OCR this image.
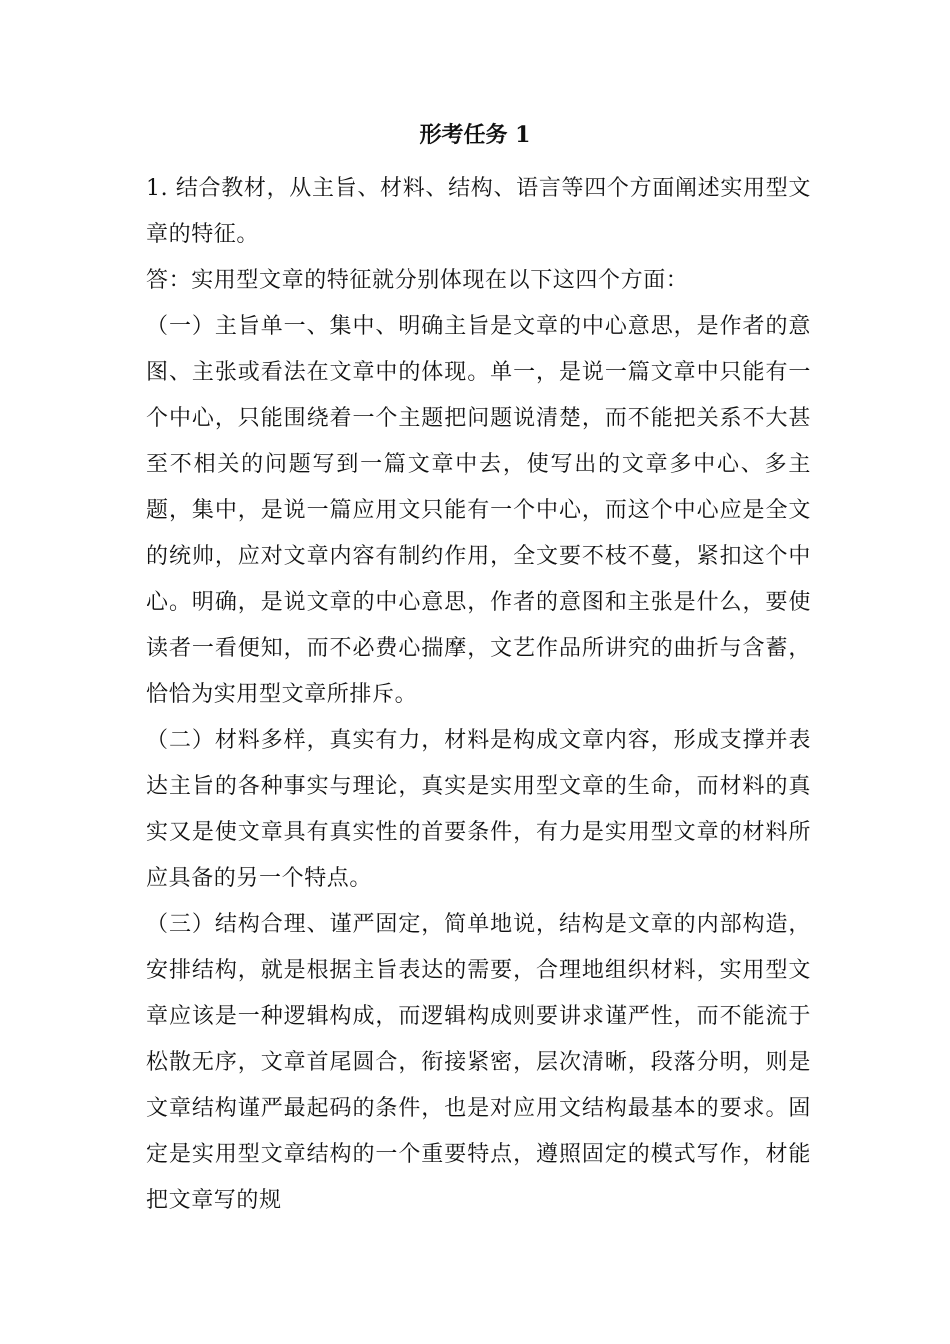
形考任务 1

1. 结合教材，从主旨、材料、结构、语言等四个方面阐述实用型文章的特征。

答：实用型文章的特征就分别体现在以下这四个方面：

（一）主旨单一、集中、明确主旨是文章的中心意思，是作者的意图、主张或看法在文章中的体现。单一，是说一篇文章中只能有一个中心，只能围绕着一个主题把问题说清楚，而不能把关系不大甚至不相关的问题写到一篇文章中去，使写出的文章多中心、多主题，集中，是说一篇应用文只能有一个中心，而这个中心应是全文的统帅，应对文章内容有制约作用，全文要不枝不蔓，紧扣这个中心。明确，是说文章的中心意思，作者的意图和主张是什么，要使读者一看便知，而不必费心揣摩，文艺作品所讲究的曲折与含蓄，恰恰为实用型文章所排斥。

（二）材料多样，真实有力，材料是构成文章内容，形成支撑并表达主旨的各种事实与理论，真实是实用型文章的生命，而材料的真实又是使文章具有真实性的首要条件，有力是实用型文章的材料所应具备的另一个特点。

（三）结构合理、谨严固定，简单地说，结构是文章的内部构造，安排结构，就是根据主旨表达的需要，合理地组织材料，实用型文章应该是一种逻辑构成，而逻辑构成则要讲求谨严性，而不能流于松散无序，文章首尾圆合，衔接紧密，层次清晰，段落分明，则是文章结构谨严最起码的条件，也是对应用文结构最基本的要求。固定是实用型文章结构的一个重要特点，遵照固定的模式写作，材能把文章写的规
